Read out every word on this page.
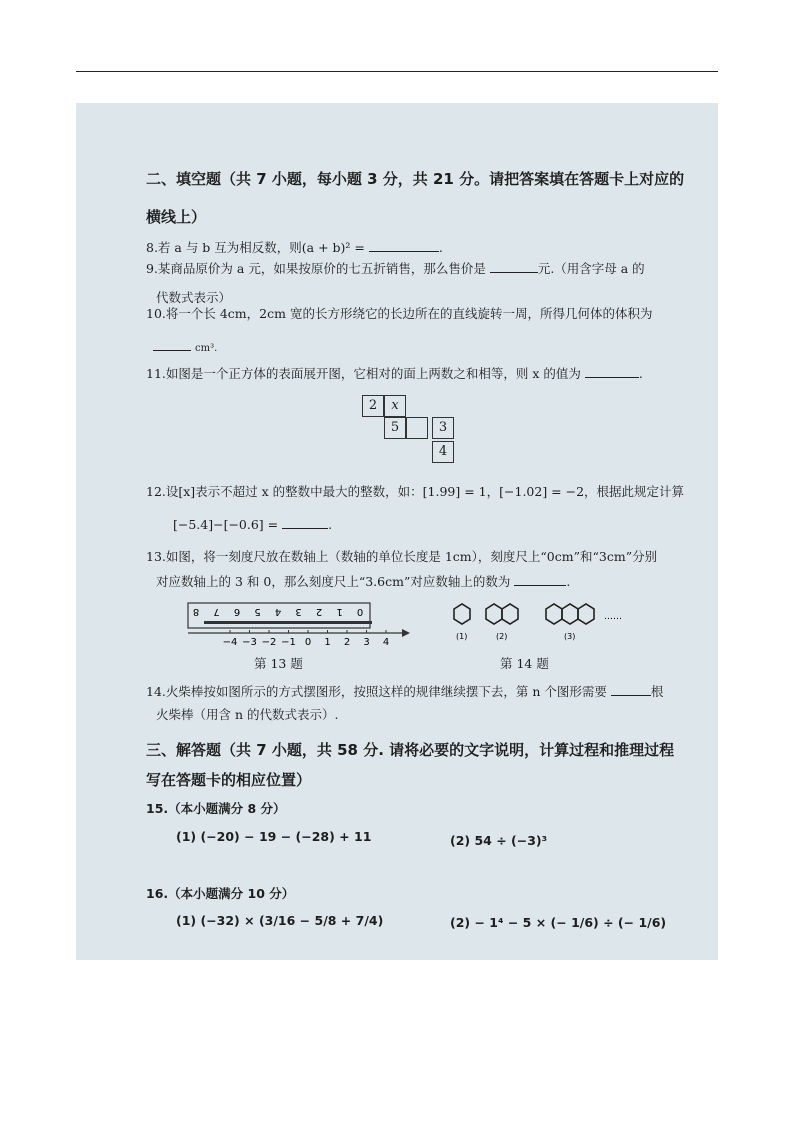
二、填空题（共 7 小题，每小题 3 分，共 21 分。请把答案填在答题卡上对应的
横线上）
8.若 a 与 b 互为相反数，则(a + b)² =	.
9.某商品原价为 a 元，如果按原价的七五折销售，那么售价是	元.（用含字母 a 的
代数式表示）
10.将一个长 4cm，2cm 宽的长方形绕它的长边所在的直线旋转一周，所得几何体的体积为
cm³.
11.如图是一个正方体的表面展开图，它相对的面上两数之和相等，则 x 的值为	.
2	x
5	3
4
12.设[x]表示不超过 x 的整数中最大的整数，如：[1.99] = 1，[−1.02] = −2，根据此规定计算
[−5.4]−[−0.6] =	.
13.如图，将一刻度尺放在数轴上（数轴的单位长度是 1cm），刻度尺上“0cm”和“3cm”分别
对应数轴上的 3 和 0，那么刻度尺上“3.6cm”对应数轴上的数为	.
8 7 6 5 4 3 2 1 0
−4 −3 −2 −1 0 1 2 3 4
第 13 题
(1)	(2)	(3)
……
第 14 题
14.火柴棒按如图所示的方式摆图形，按照这样的规律继续摆下去，第 n 个图形需要	根
火柴棒（用含 n 的代数式表示）.
三、解答题（共 7 小题，共 58 分. 请将必要的文字说明，计算过程和推理过程
写在答题卡的相应位置）
15.（本小题满分 8 分）
(1) (−20) − 19 − (−28) + 11	(2) 54 ÷ (−3)³
16.（本小题满分 10 分）
(1) (−32) × (3/16 − 5/8 + 7/4)	(2) − 1⁴ − 5 × (− 1/6) ÷ (− 1/6)
